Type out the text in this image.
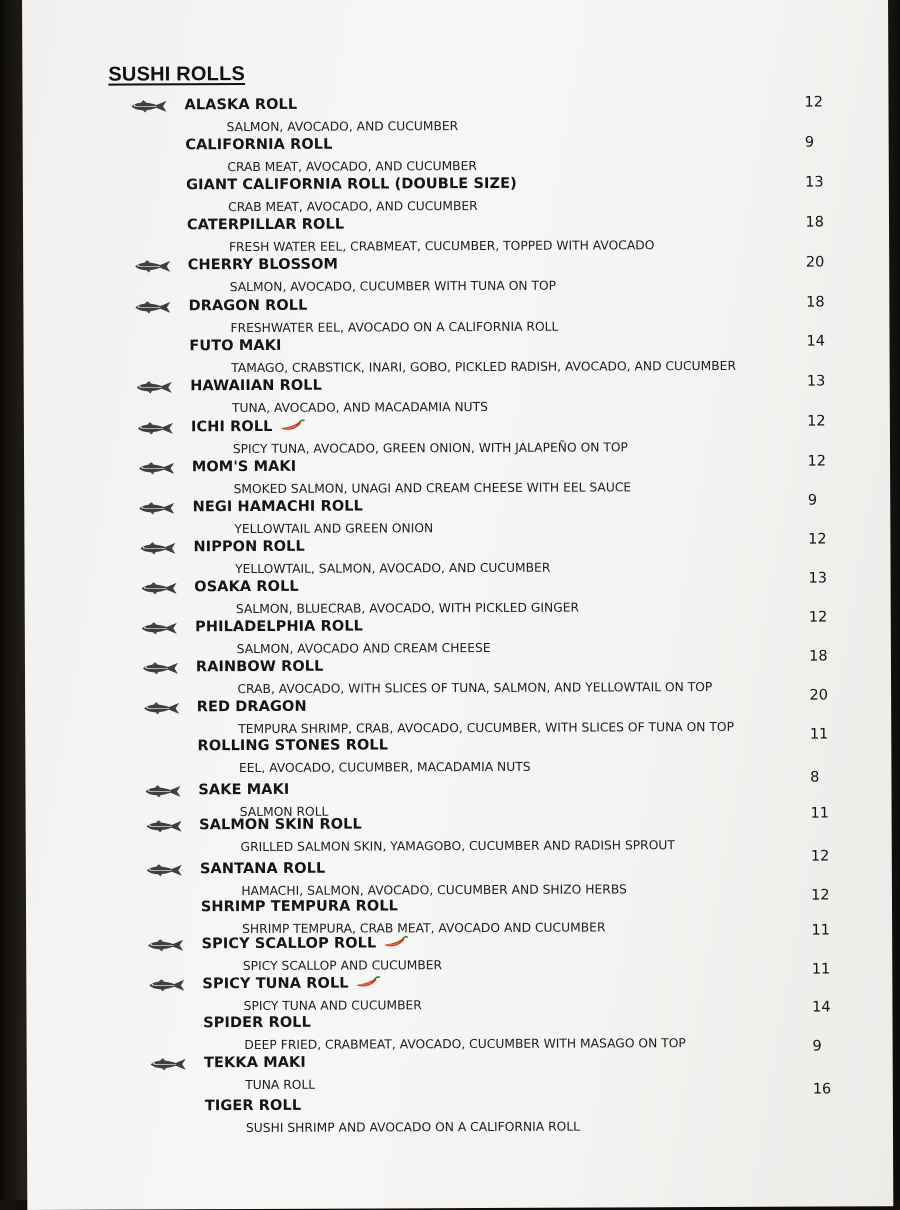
SUSHI ROLLS
ALASKA ROLL
SALMON, AVOCADO, AND CUCUMBER
12
CALIFORNIA ROLL
CRAB MEAT, AVOCADO, AND CUCUMBER
9
GIANT CALIFORNIA ROLL (DOUBLE SIZE)
CRAB MEAT, AVOCADO, AND CUCUMBER
13
CATERPILLAR ROLL
FRESH WATER EEL, CRABMEAT, CUCUMBER, TOPPED WITH AVOCADO
18
CHERRY BLOSSOM
SALMON, AVOCADO, CUCUMBER WITH TUNA ON TOP
20
DRAGON ROLL
FRESHWATER EEL, AVOCADO ON A CALIFORNIA ROLL
18
FUTO MAKI
TAMAGO, CRABSTICK, INARI, GOBO, PICKLED RADISH, AVOCADO, AND CUCUMBER
14
HAWAIIAN ROLL
TUNA, AVOCADO, AND MACADAMIA NUTS
13
ICHI ROLL
SPICY TUNA, AVOCADO, GREEN ONION, WITH JALAPEÑO ON TOP
12
MOM'S MAKI
SMOKED SALMON, UNAGI AND CREAM CHEESE WITH EEL SAUCE
12
NEGI HAMACHI ROLL
YELLOWTAIL AND GREEN ONION
9
NIPPON ROLL
YELLOWTAIL, SALMON, AVOCADO, AND CUCUMBER
12
OSAKA ROLL
SALMON, BLUECRAB, AVOCADO, WITH PICKLED GINGER
13
PHILADELPHIA ROLL
SALMON, AVOCADO AND CREAM CHEESE
12
RAINBOW ROLL
CRAB, AVOCADO, WITH SLICES OF TUNA, SALMON, AND YELLOWTAIL ON TOP
18
RED DRAGON
TEMPURA SHRIMP, CRAB, AVOCADO, CUCUMBER, WITH SLICES OF TUNA ON TOP
20
ROLLING STONES ROLL
EEL, AVOCADO, CUCUMBER, MACADAMIA NUTS
11
SAKE MAKI
SALMON ROLL
8
SALMON SKIN ROLL
GRILLED SALMON SKIN, YAMAGOBO, CUCUMBER AND RADISH SPROUT
11
SANTANA ROLL
HAMACHI, SALMON, AVOCADO, CUCUMBER AND SHIZO HERBS
12
SHRIMP TEMPURA ROLL
SHRIMP TEMPURA, CRAB MEAT, AVOCADO AND CUCUMBER
12
SPICY SCALLOP ROLL
SPICY SCALLOP AND CUCUMBER
11
SPICY TUNA ROLL
SPICY TUNA AND CUCUMBER
11
SPIDER ROLL
DEEP FRIED, CRABMEAT, AVOCADO, CUCUMBER WITH MASAGO ON TOP
14
TEKKA MAKI
TUNA ROLL
9
TIGER ROLL
SUSHI SHRIMP AND AVOCADO ON A CALIFORNIA ROLL
16
